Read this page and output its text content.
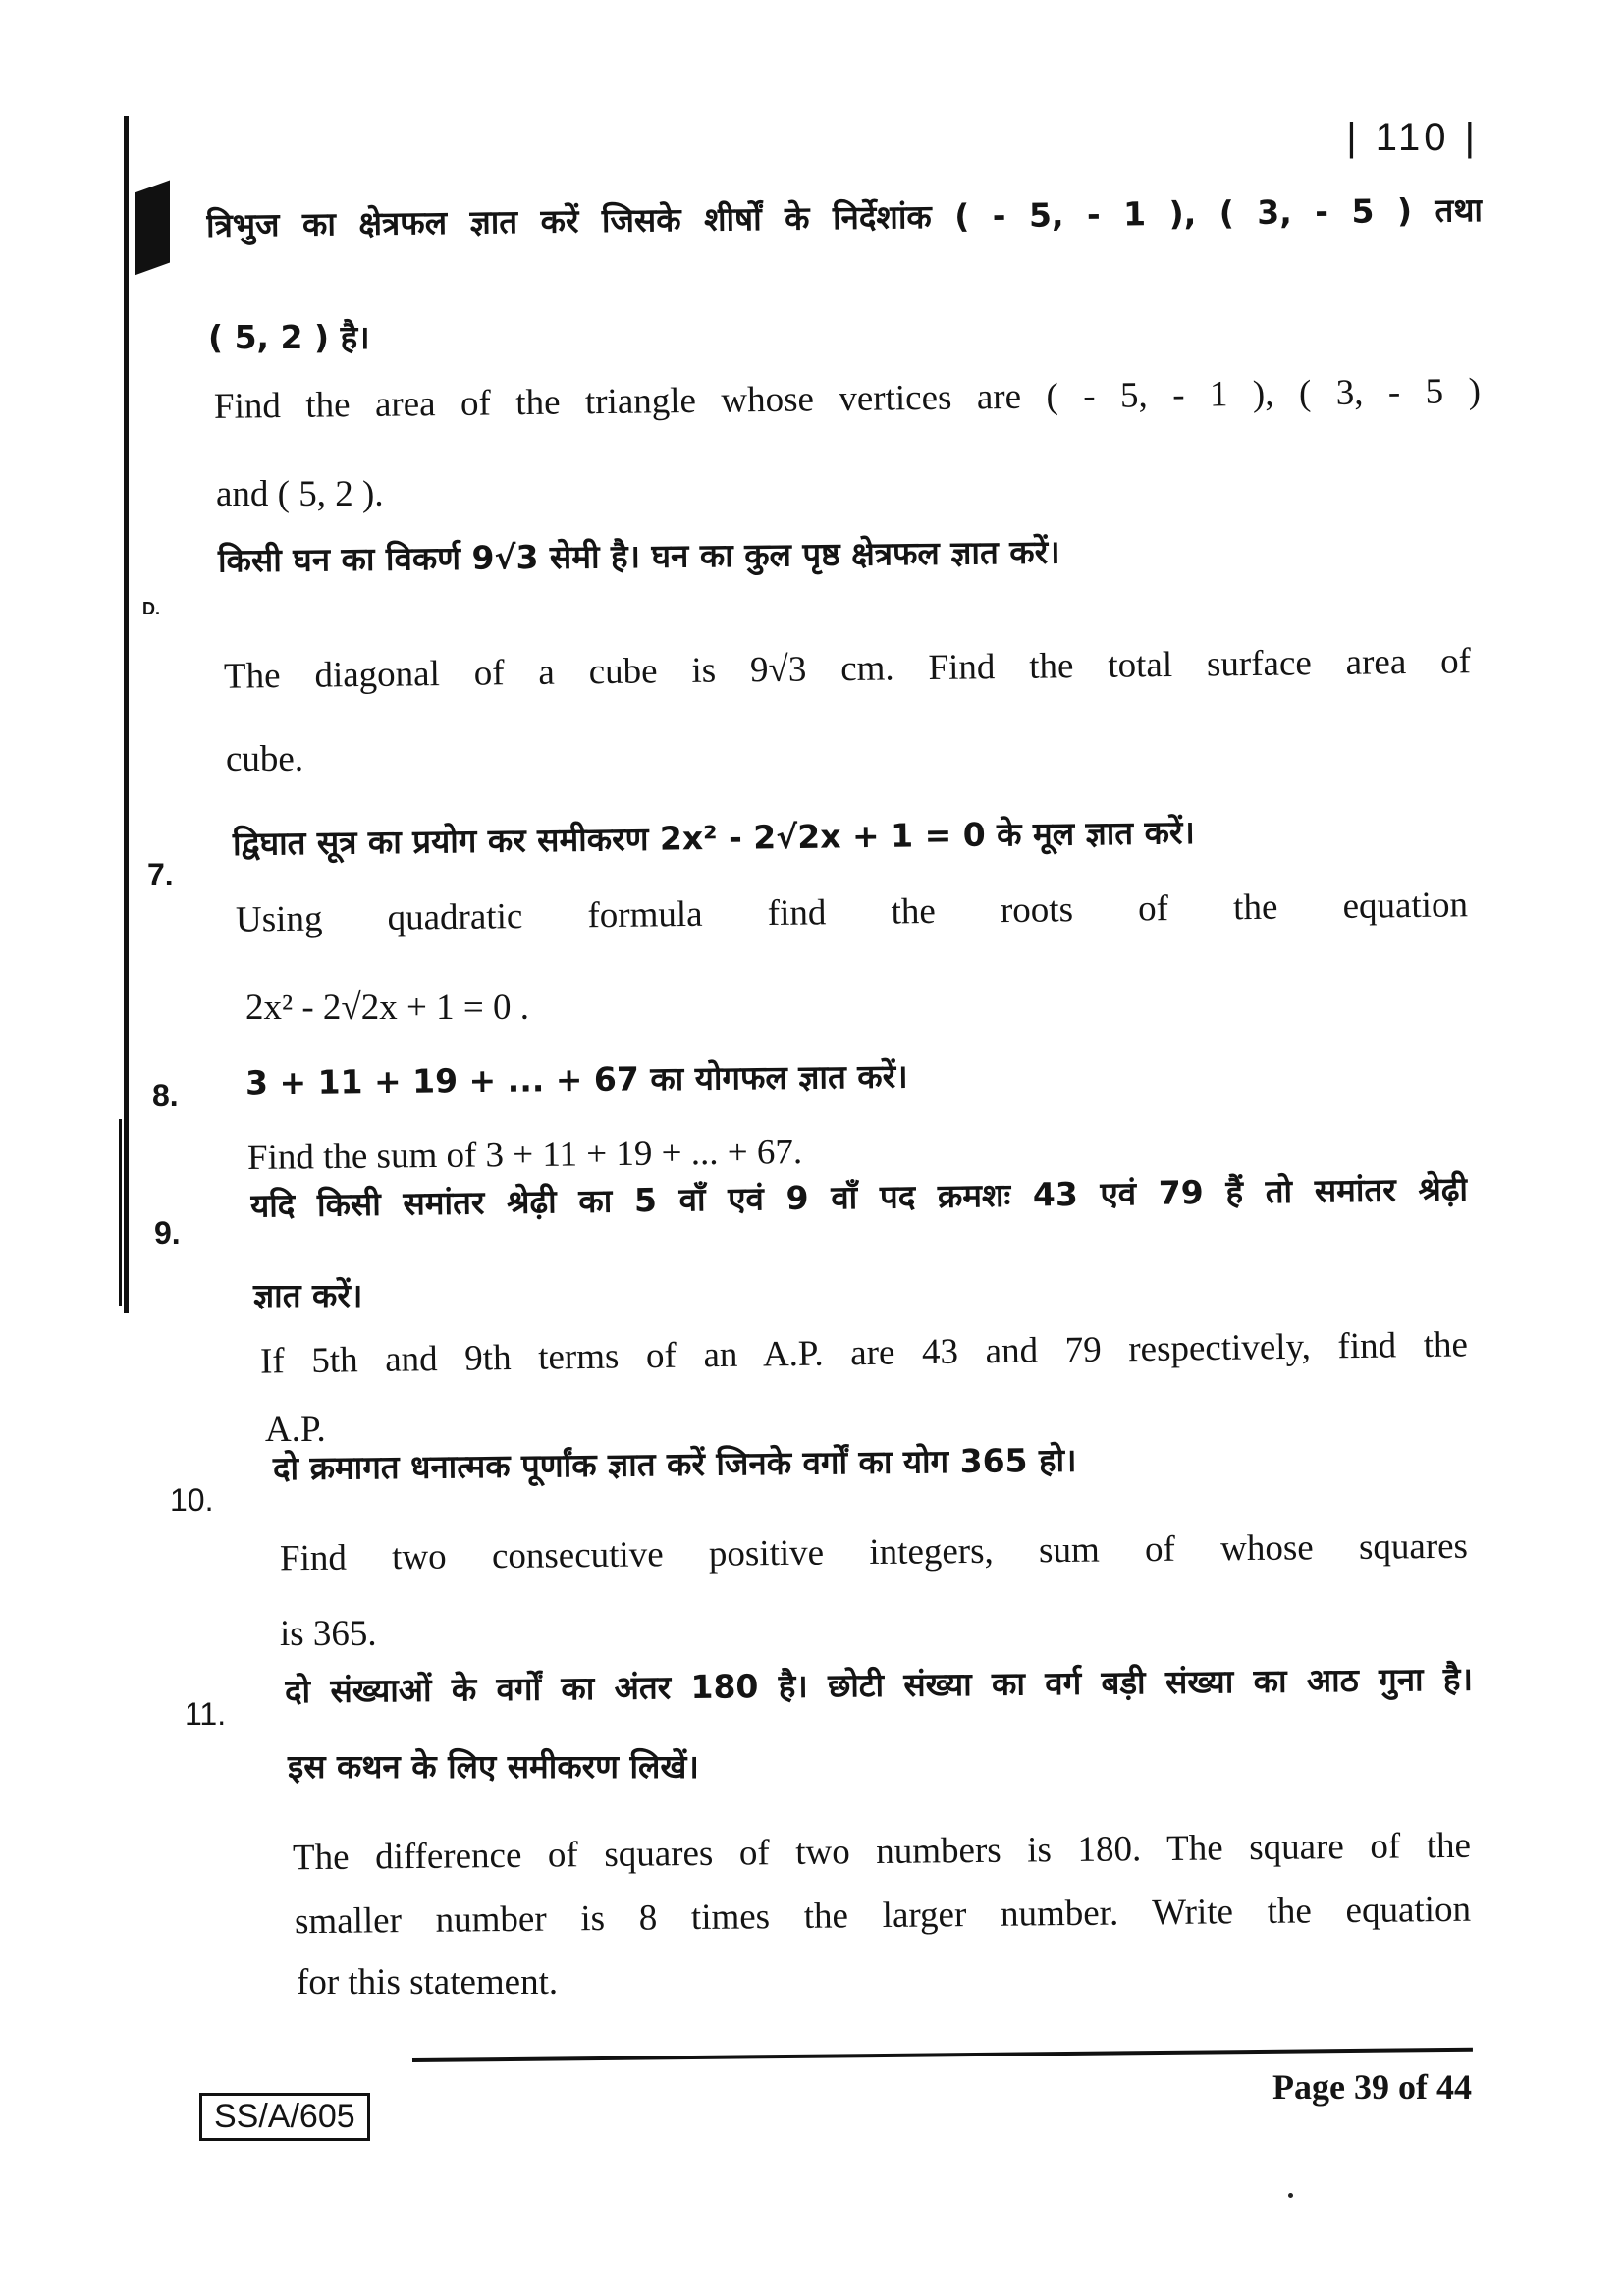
| 110 |
त्रिभुज का क्षेत्रफल ज्ञात करें जिसके शीर्षों के निर्देशांक ( - 5, - 1 ), ( 3, - 5 ) तथा
( 5, 2 ) है।
Find the area of the triangle whose vertices are ( - 5, - 1 ), ( 3, - 5 )
and ( 5, 2 ).
D.
किसी घन का विकर्ण 9√3 सेमी है। घन का कुल पृष्ठ क्षेत्रफल ज्ञात करें।
The diagonal of a cube is 9√3 cm. Find the total surface area of
cube.
7.
द्विघात सूत्र का प्रयोग कर समीकरण 2x² - 2√2x + 1 = 0 के मूल ज्ञात करें।
Using quadratic formula find the roots of the equation
2x² - 2√2x + 1 = 0 .
8. 3 + 11 + 19 + ... + 67 का योगफल ज्ञात करें।
Find the sum of 3 + 11 + 19 + ... + 67.
9.
यदि किसी समांतर श्रेढ़ी का 5 वाँ एवं 9 वाँ पद क्रमशः 43 एवं 79 हैं तो समांतर श्रेढ़ी
ज्ञात करें।
If 5th and 9th terms of an A.P. are 43 and 79 respectively, find the
A.P.
10.
दो क्रमागत धनात्मक पूर्णांक ज्ञात करें जिनके वर्गों का योग 365 हो।
Find two consecutive positive integers, sum of whose squares
is 365.
11.
दो संख्याओं के वर्गों का अंतर 180 है। छोटी संख्या का वर्ग बड़ी संख्या का आठ गुना है।
इस कथन के लिए समीकरण लिखें।
The difference of squares of two numbers is 180. The square of the
smaller number is 8 times the larger number. Write the equation
for this statement.
Page 39 of 44
SS/A/605
